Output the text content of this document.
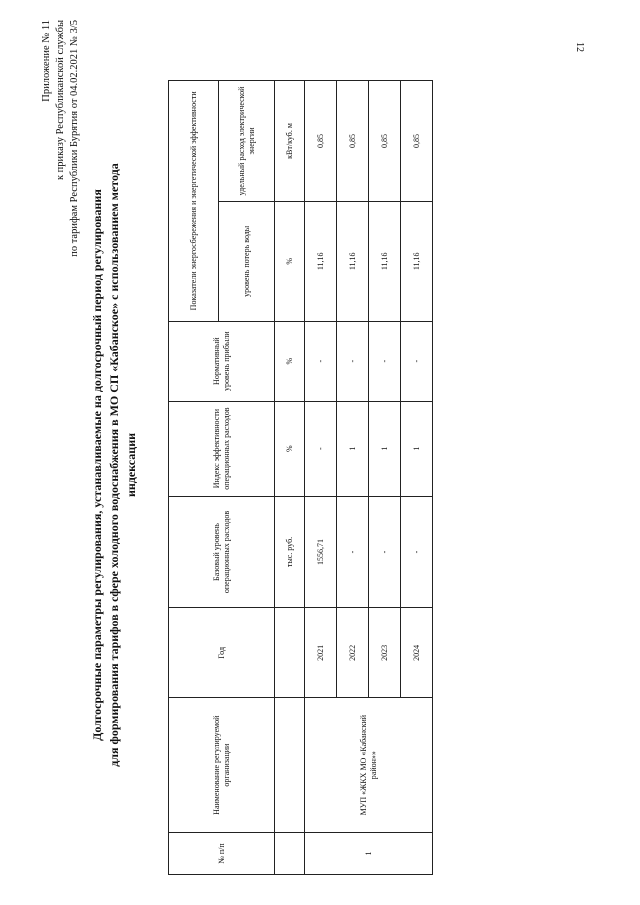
12
Приложение № 11 к приказу Республиканской службы по тарифам Республики Бурятия от 04.02.2021 № 3/5
Долгосрочные параметры регулирования, устанавливаемые на долгосрочный период регулирования для формирования тарифов в сфере холодного водоснабжения в МО СП «Кабанское» с использованием метода индексации
№ п/п	Наименование регулируемой организации	Год	Базовый уровень операционных расходов	Индекс эффективности операционных расходов	Нормативный уровень прибыли	Показатели энергосбережения и энергетической эффективности	
						уровень потерь воды	удельный расход электрической энергии
			тыс. руб.	%	%	%	кВт/куб. м
1	МУП «ЖКХ МО «Кабанский район»»	2021	1556,71	-	-	11,16	0,85
		2022	-	1	-	11,16	0,85
		2023	-	1	-	11,16	0,85
		2024	-	1	-	11,16	0,85
